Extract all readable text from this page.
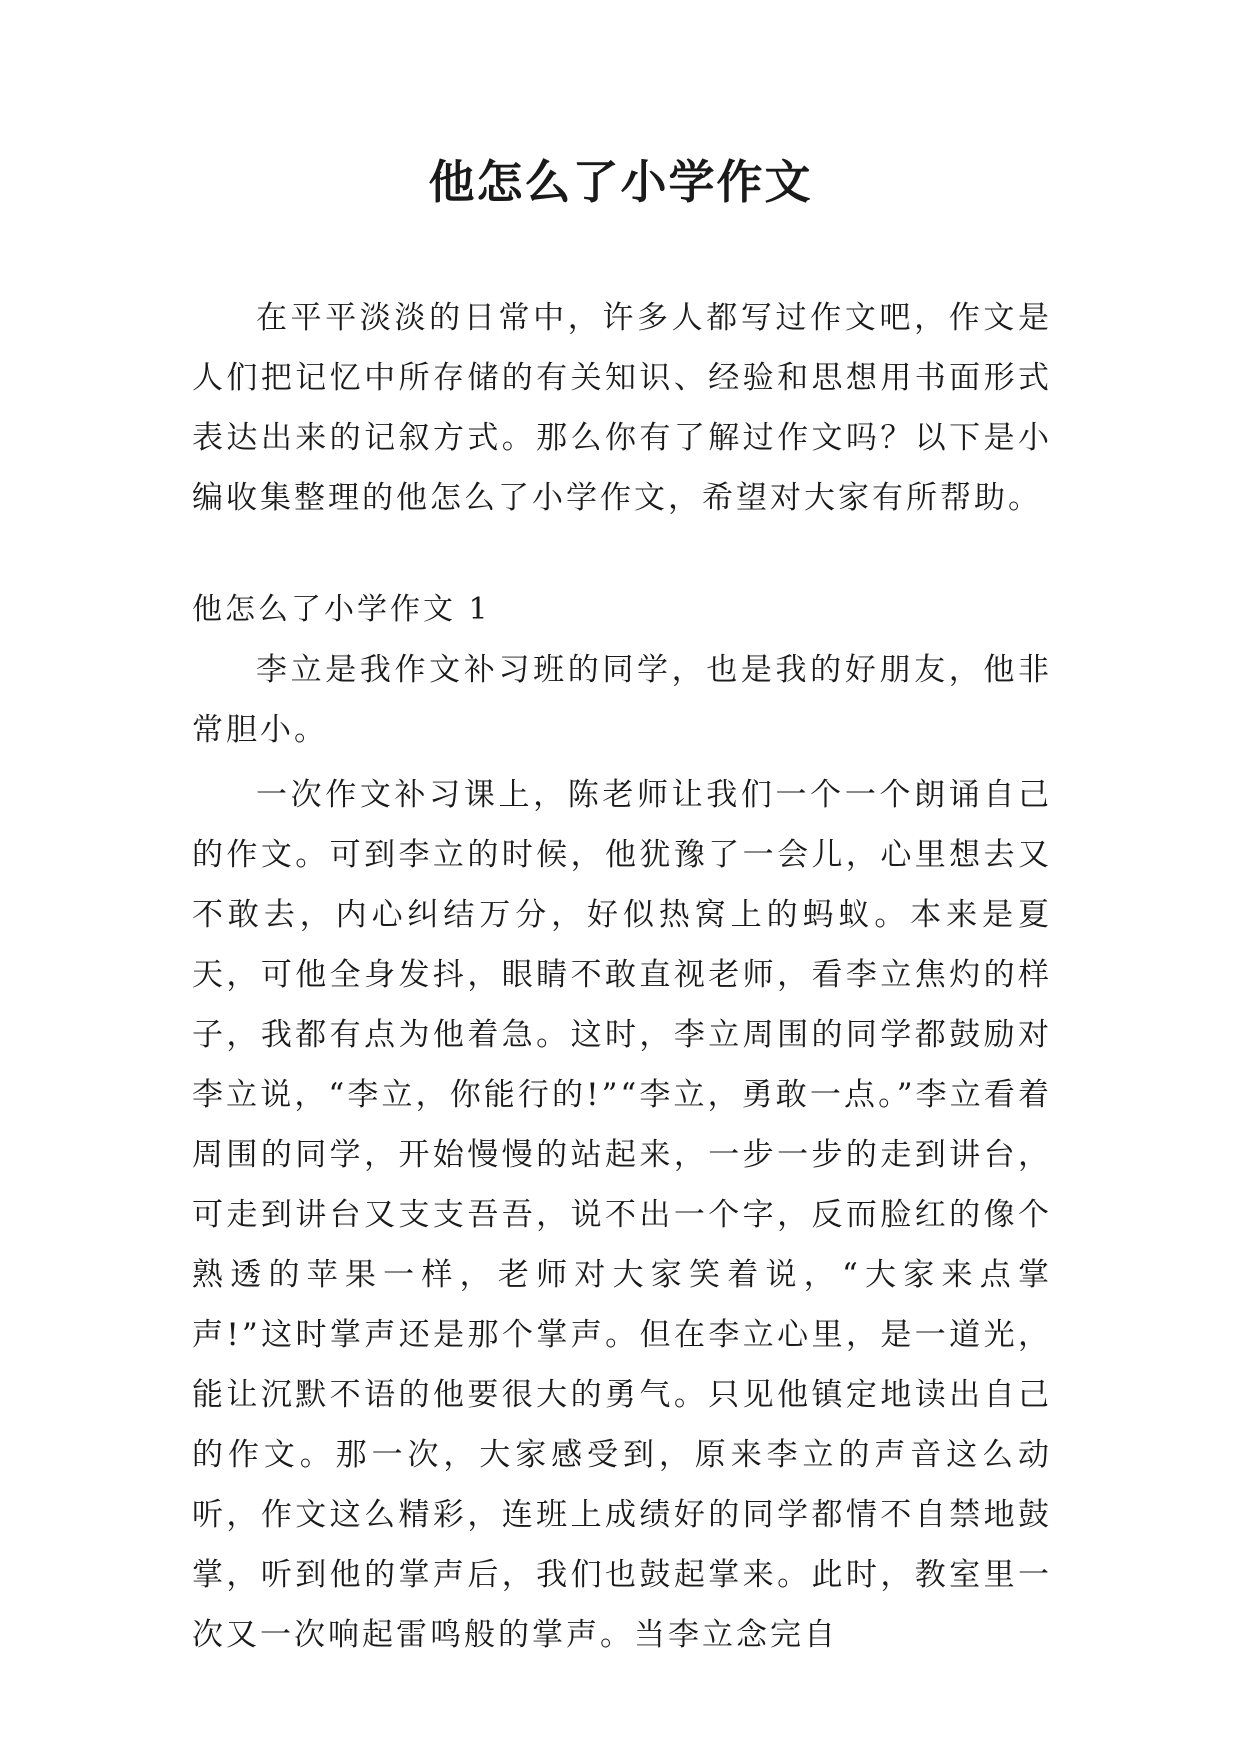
他怎么了小学作文

在平平淡淡的日常中，许多人都写过作文吧，作文是人们把记忆中所存储的有关知识、经验和思想用书面形式表达出来的记叙方式。那么你有了解过作文吗？以下是小编收集整理的他怎么了小学作文，希望对大家有所帮助。

他怎么了小学作文 1

李立是我作文补习班的同学，也是我的好朋友，他非常胆小。

一次作文补习课上，陈老师让我们一个一个朗诵自己的作文。可到李立的时候，他犹豫了一会儿，心里想去又不敢去，内心纠结万分，好似热窝上的蚂蚁。本来是夏天，可他全身发抖，眼睛不敢直视老师，看李立焦灼的样子，我都有点为他着急。这时，李立周围的同学都鼓励对李立说，“李立，你能行的!”“李立，勇敢一点。”李立看着周围的同学，开始慢慢的站起来，一步一步的走到讲台，可走到讲台又支支吾吾，说不出一个字，反而脸红的像个熟透的苹果一样，老师对大家笑着说，“大家来点掌声!”这时掌声还是那个掌声。但在李立心里，是一道光，能让沉默不语的他要很大的勇气。只见他镇定地读出自己的作文。那一次，大家感受到，原来李立的声音这么动听，作文这么精彩，连班上成绩好的同学都情不自禁地鼓掌，听到他的掌声后，我们也鼓起掌来。此时，教室里一次又一次响起雷鸣般的掌声。当李立念完自
